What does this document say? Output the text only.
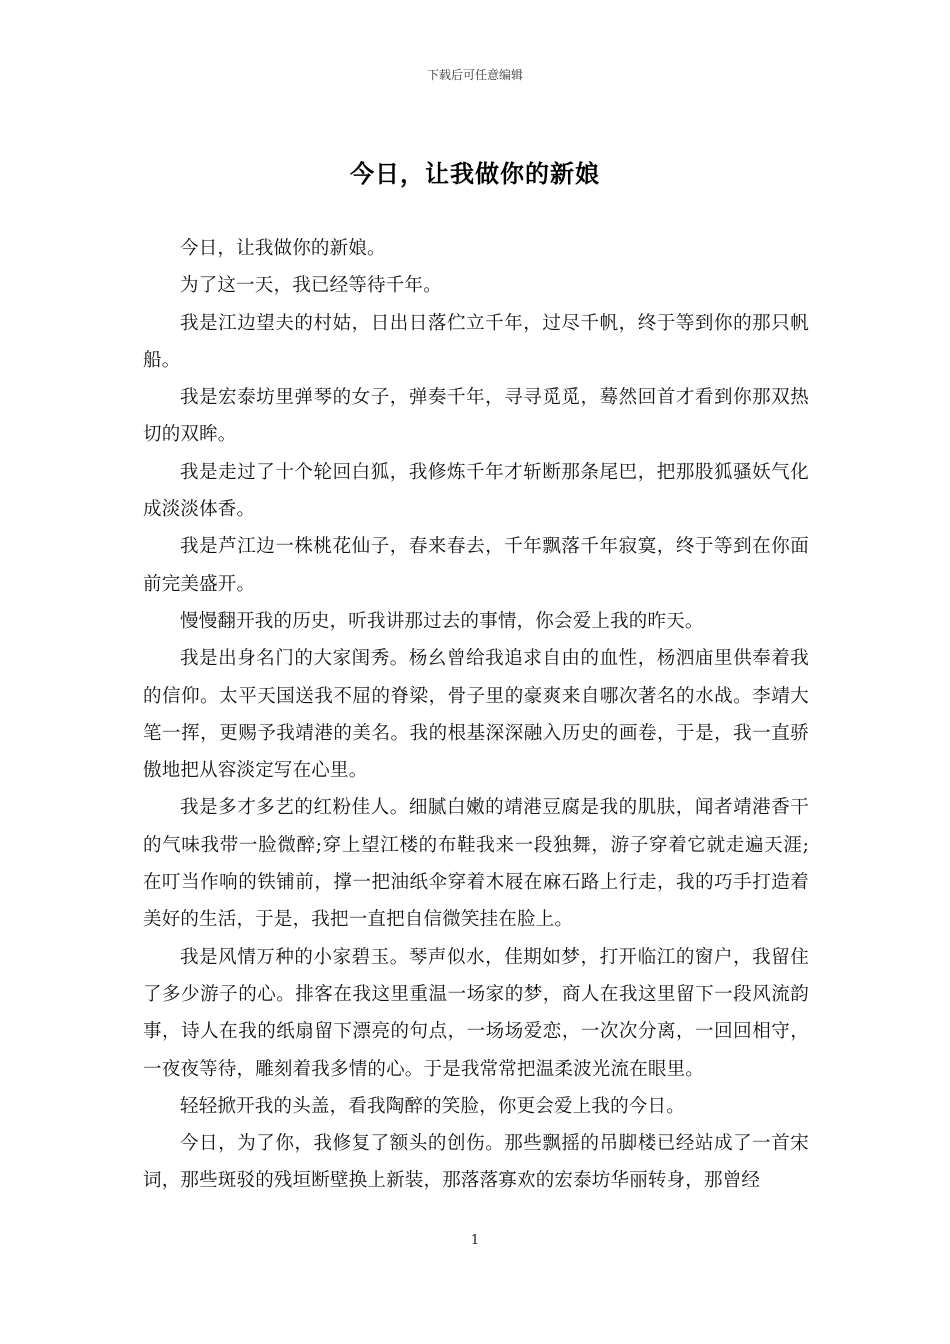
下载后可任意编辑
今日，让我做你的新娘

今日，让我做你的新娘。

为了这一天，我已经等待千年。

我是江边望夫的村姑，日出日落伫立千年，过尽千帆，终于等到你的那只帆船。

我是宏泰坊里弹琴的女子，弹奏千年，寻寻觅觅，蓦然回首才看到你那双热切的双眸。

我是走过了十个轮回白狐，我修炼千年才斩断那条尾巴，把那股狐骚妖气化成淡淡体香。

我是芦江边一株桃花仙子，春来春去，千年飘落千年寂寞，终于等到在你面前完美盛开。

慢慢翻开我的历史，听我讲那过去的事情，你会爱上我的昨天。

我是出身名门的大家闺秀。杨幺曾给我追求自由的血性，杨泗庙里供奉着我的信仰。太平天国送我不屈的脊梁，骨子里的豪爽来自哪次著名的水战。李靖大笔一挥，更赐予我靖港的美名。我的根基深深融入历史的画卷，于是，我一直骄傲地把从容淡定写在心里。

我是多才多艺的红粉佳人。细腻白嫩的靖港豆腐是我的肌肤，闻者靖港香干的气味我带一脸微醉;穿上望江楼的布鞋我来一段独舞，游子穿着它就走遍天涯;在叮当作响的铁铺前，撑一把油纸伞穿着木屐在麻石路上行走，我的巧手打造着美好的生活，于是，我把一直把自信微笑挂在脸上。

我是风情万种的小家碧玉。琴声似水，佳期如梦，打开临江的窗户，我留住了多少游子的心。排客在我这里重温一场家的梦，商人在我这里留下一段风流韵事，诗人在我的纸扇留下漂亮的句点，一场场爱恋，一次次分离，一回回相守，一夜夜等待，雕刻着我多情的心。于是我常常把温柔波光流在眼里。

轻轻掀开我的头盖，看我陶醉的笑脸，你更会爱上我的今日。

今日，为了你，我修复了额头的创伤。那些飘摇的吊脚楼已经站成了一首宋词，那些斑驳的残垣断壁换上新装，那落落寡欢的宏泰坊华丽转身，那曾经

1
